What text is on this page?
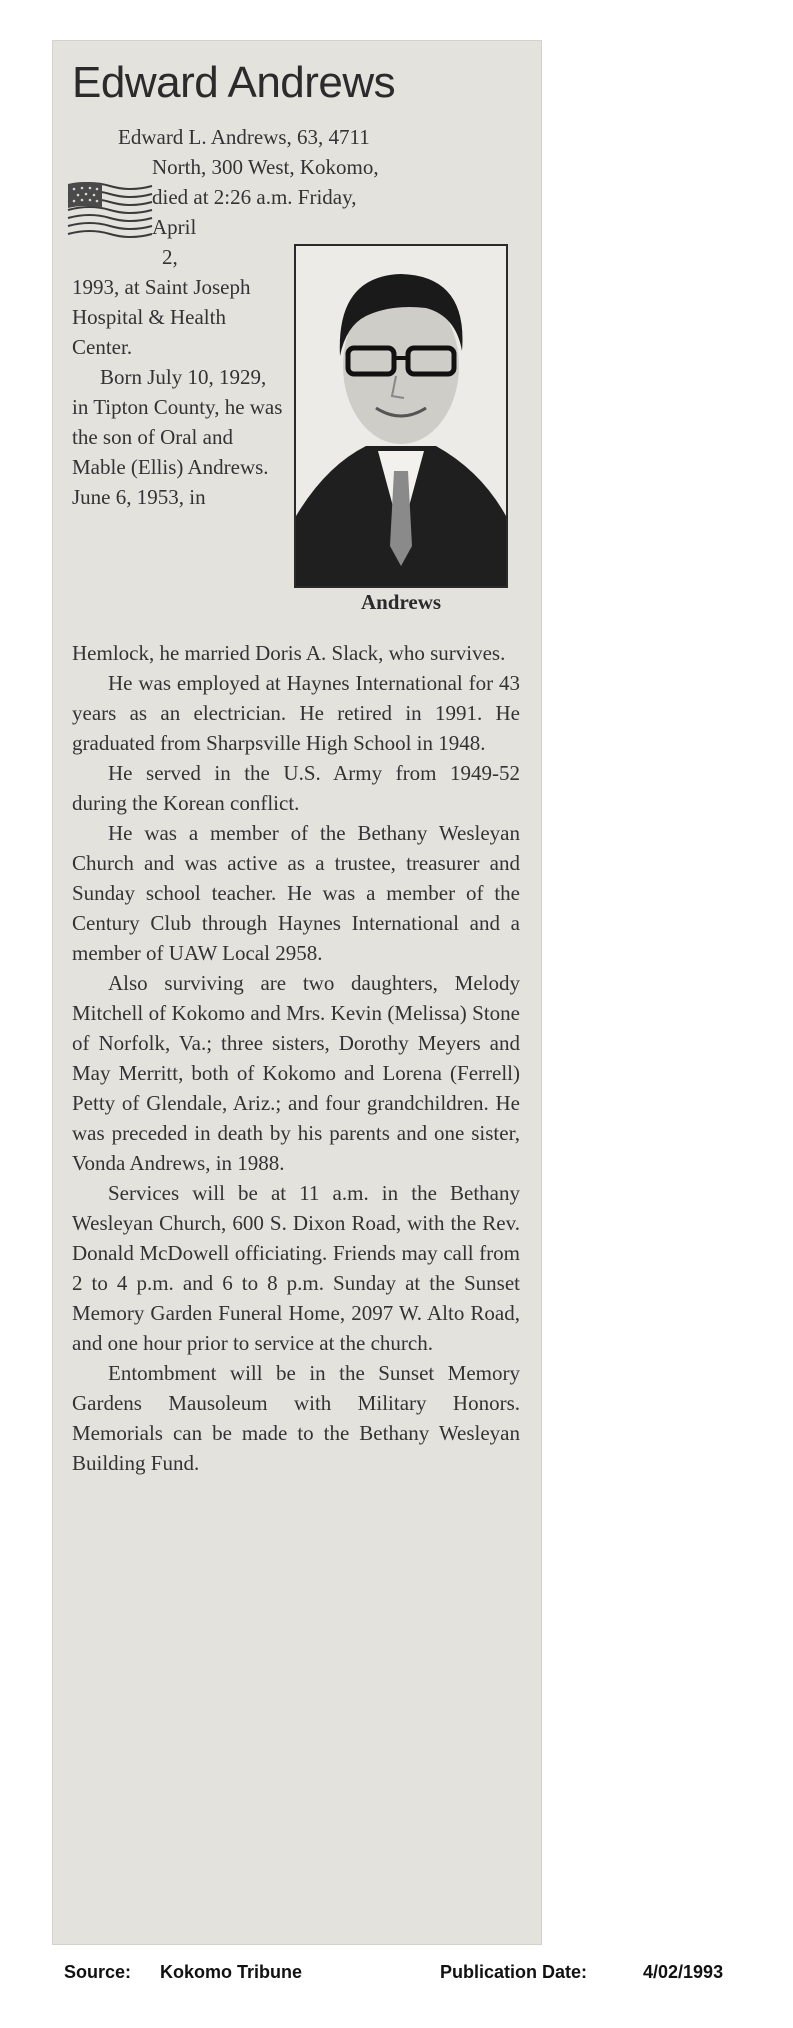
Edward Andrews

Edward L. Andrews, 63, 4711

North, 300 West, Kokomo,

died at 2:26 a.m. Friday,

April

2,

Andrews

1993, at Saint Joseph Hospital & Health Center.

Born July 10, 1929, in Tipton County, he was the son of Oral and Mable (Ellis) Andrews. June 6, 1953, in

Hemlock, he married Doris A. Slack, who survives.

He was employed at Haynes International for 43 years as an electrician. He retired in 1991. He graduated from Sharpsville High School in 1948.

He served in the U.S. Army from 1949-52 during the Korean conflict.

He was a member of the Bethany Wesleyan Church and was active as a trustee, treasurer and Sunday school teacher. He was a member of the Century Club through Haynes International and a member of UAW Local 2958.

Also surviving are two daughters, Melody Mitchell of Kokomo and Mrs. Kevin (Melissa) Stone of Norfolk, Va.; three sisters, Dorothy Meyers and May Merritt, both of Kokomo and Lorena (Ferrell) Petty of Glendale, Ariz.; and four grandchildren. He was preceded in death by his parents and one sister, Vonda Andrews, in 1988.

Services will be at 11 a.m. in the Bethany Wesleyan Church, 600 S. Dixon Road, with the Rev. Donald McDowell officiating. Friends may call from 2 to 4 p.m. and 6 to 8 p.m. Sunday at the Sunset Memory Garden Funeral Home, 2097 W. Alto Road, and one hour prior to service at the church.

Entombment will be in the Sunset Memory Gardens Mausoleum with Military Honors. Memorials can be made to the Bethany Wesleyan Building Fund.

Source: Kokomo Tribune	Publication Date:	4/02/1993
